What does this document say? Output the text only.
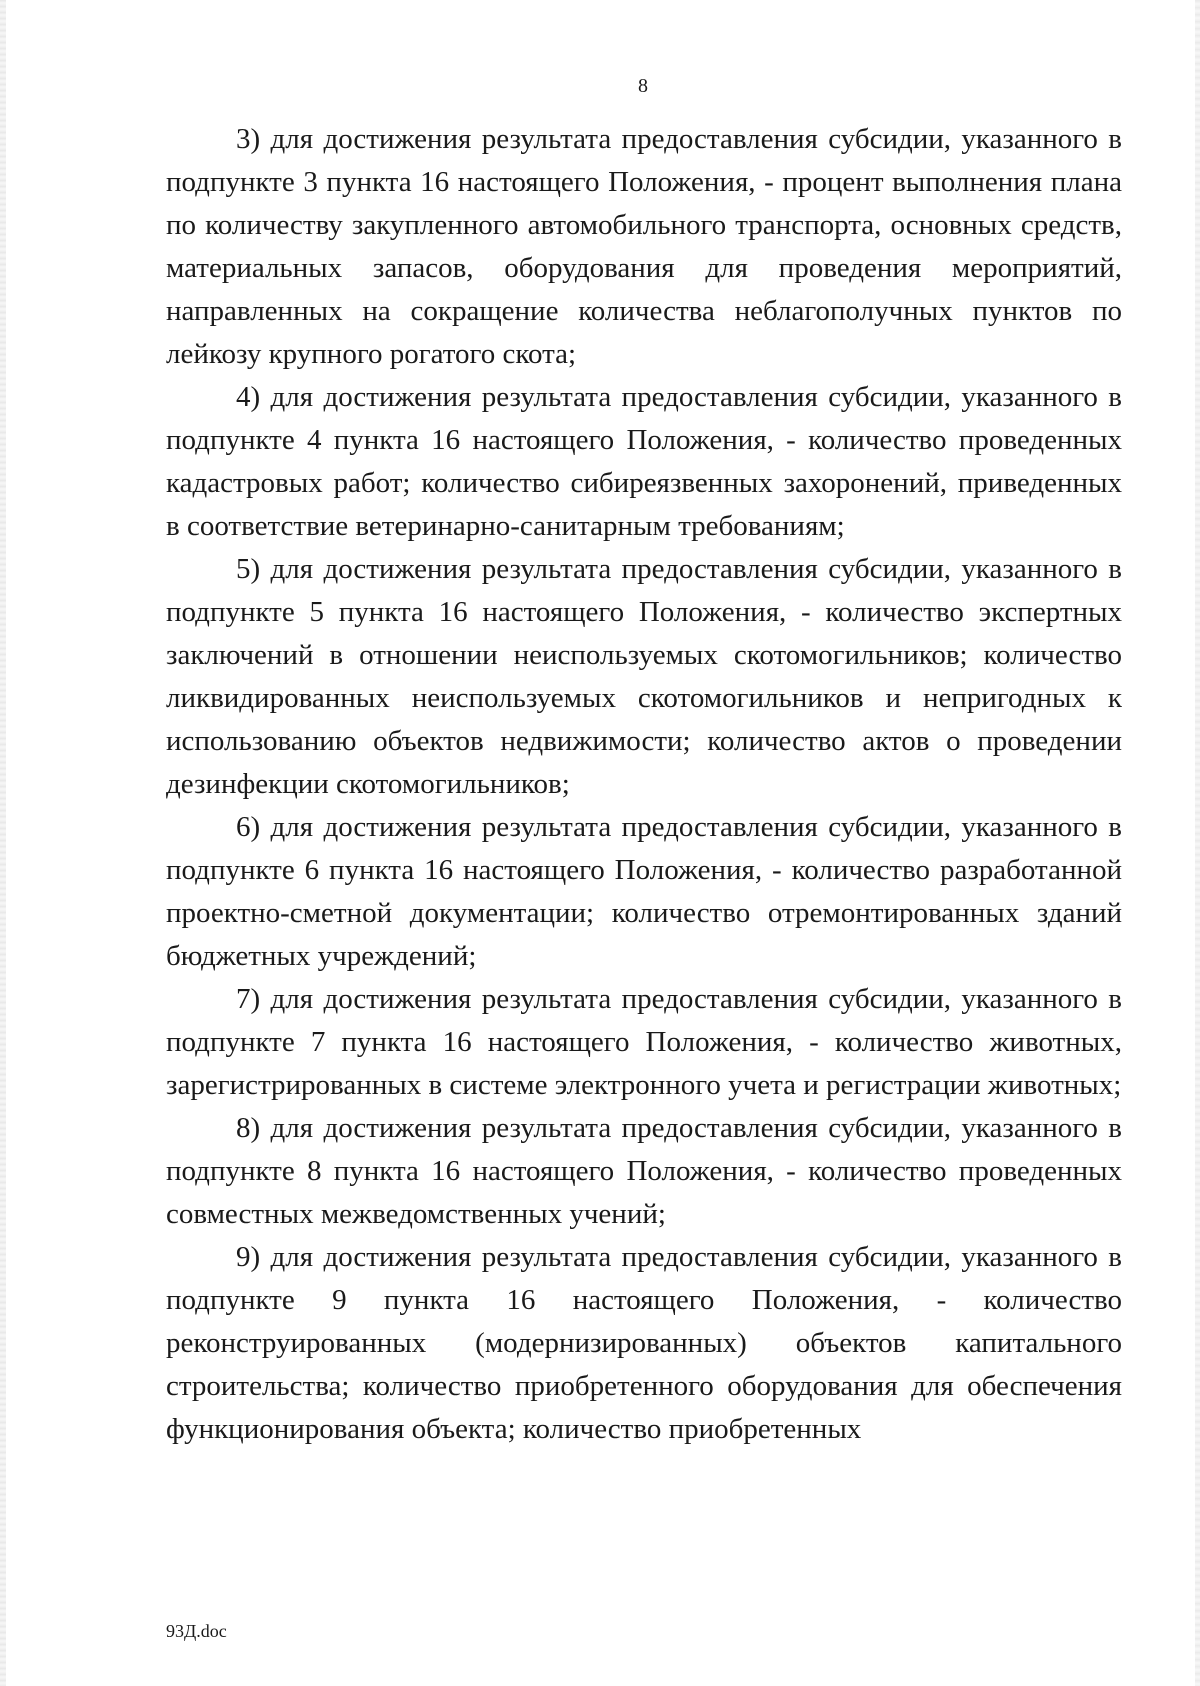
8

3) для достижения результата предоставления субсидии, указанного в подпункте 3 пункта 16 настоящего Положения, - процент выполнения плана по количеству закупленного автомобильного транспорта, основных средств, материальных запасов, оборудования для проведения мероприятий, направленных на сокращение количества неблагополучных пунктов по лейкозу крупного рогатого скота;

4) для достижения результата предоставления субсидии, указанного в подпункте 4 пункта 16 настоящего Положения, - количество проведенных кадастровых работ; количество сибиреязвенных захоронений, приведенных в соответствие ветеринарно-санитарным требованиям;

5) для достижения результата предоставления субсидии, указанного в подпункте 5 пункта 16 настоящего Положения, - количество экспертных заключений в отношении неиспользуемых скотомогильников; количество ликвидированных неиспользуемых скотомогильников и непригодных к использованию объектов недвижимости; количество актов о проведении дезинфекции скотомогильников;

6) для достижения результата предоставления субсидии, указанного в подпункте 6 пункта 16 настоящего Положения, - количество разработанной проектно-сметной документации; количество отремонтированных зданий бюджетных учреждений;

7) для достижения результата предоставления субсидии, указанного в подпункте 7 пункта 16 настоящего Положения, - количество животных, зарегистрированных в системе электронного учета и регистрации животных;

8) для достижения результата предоставления субсидии, указанного в подпункте 8 пункта 16 настоящего Положения, - количество проведенных совместных межведомственных учений;

9) для достижения результата предоставления субсидии, указанного в подпункте 9 пункта 16 настоящего Положения, - количество реконструированных (модернизированных) объектов капитального строительства; количество приобретенного оборудования для обеспечения функционирования объекта; количество приобретенных

93Д.doc
